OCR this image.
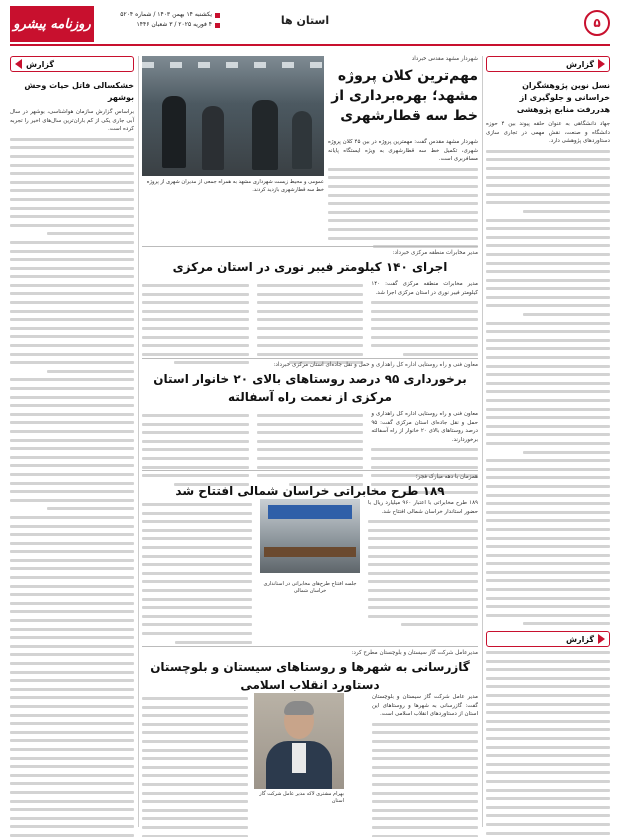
روزنامه پیشرو
یکشنبه ۱۴ بهمن ۱۴۰۳ / شماره ۵۲۰۴
۴ فوریه ۲۰۲۵ / ۳ شعبان ۱۴۴۶	استان ها	۵
گزارش
نسل نوین پژوهشگران خراسانی و جلوگیری از هدررفت منابع پژوهشی
جهاد دانشگاهی به عنوان حلقه پیوند بین ۴ حوزه دانشگاه و صنعت، نقش مهمی در تجاری سازی دستاوردهای پژوهشی دارد.
گزارش
عمومی و محیط زیست شهرداری مشهد به همراه جمعی از مدیران شهری از پروژه خط سه قطارشهری بازدید کردند.
شهردار مشهد مقدس خبرداد
مهم‌ترین کلان پروژه مشهد؛ بهره‌برداری از خط سه قطارشهری
شهردار مشهد مقدس گفت: مهمترین پروژه در بین ۴۵ کلان پروژه شهری، تکمیل خط سه قطارشهری به ویژه ایستگاه پایانه مسافربری است.
مدیر مخابرات منطقه مرکزی خبرداد:
اجرای ۱۴۰ کیلومتر فیبر نوری در استان مرکزی
مدیر مخابرات منطقه مرکزی گفت: ۱۴۰ کیلومتر فیبر نوری در استان مرکزی اجرا شد.
معاون فنی و راه روستایی اداره کل راهداری و حمل و نقل جاده‌ای استان مرکزی خبرداد:
برخورداری ۹۵ درصد روستاهای بالای ۲۰ خانوار استان مرکزی از نعمت راه آسفالته
معاون فنی و راه روستایی اداره کل راهداری و حمل و نقل جاده‌ای استان مرکزی گفت: ۹۵ درصد روستاهای بالای ۲۰ خانوار از راه آسفالته برخوردارند.
همزمان با دهه مبارک فجر؛
۱۸۹ طرح مخابراتی خراسان شمالی افتتاح شد
جلسه افتتاح طرح‌های مخابراتی در استانداری خراسان شمالی
۱۸۹ طرح مخابراتی با اعتبار ۹۶۰ میلیارد ریال با حضور استاندار خراسان شمالی افتتاح شد.
مدیرعامل شرکت گاز سیستان و بلوچستان مطرح کرد:
گازرسانی به شهرها و روستاهای سیستان و بلوچستان دستاورد انقلاب اسلامی
بهرام مشتری لاکه مدیر عامل شرکت گاز استان
مدیر عامل شرکت گاز سیستان و بلوچستان گفت: گازرسانی به شهرها و روستاهای این استان از دستاوردهای انقلاب اسلامی است.
گزارش
خشکسالی فاتل حیات وحش بوشهر
براساس گزارش سازمان هواشناسی، بوشهر در سال آبی جاری یکی از کم باران‌ترین سال‌های اخیر را تجربه کرده است.
